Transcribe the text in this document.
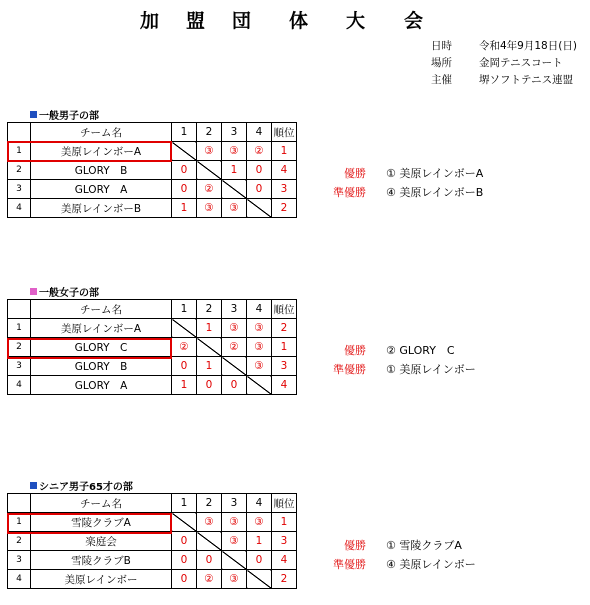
加 盟 団 体 大 会
日時	令和4年9月18日(日)
場所	金岡テニスコート
主催	堺ソフトテニス連盟
一般男子の部
	チーム名	1	2	3	4	順位
1	美原レインボーA		③	③	②	1
2	GLORY　B	0		1	0	4
3	GLORY　A	0	②		0	3
4	美原レインボーB	1	③	③		2
優勝 ① 美原レインボーA
準優勝 ④ 美原レインボーB
一般女子の部
	チーム名	1	2	3	4	順位
1	美原レインボーA		1	③	③	2
2	GLORY　C	②		②	③	1
3	GLORY　B	0	1		③	3
4	GLORY　A	1	0	0		4
優勝 ② GLORY　C
準優勝 ① 美原レインボー
シニア男子65才の部
	チーム名	1	2	3	4	順位
1	雪陵クラブA		③	③	③	1
2	楽庭会	0		③	1	3
3	雪陵クラブB	0	0		0	4
4	美原レインボー	0	②	③		2
優勝 ① 雪陵クラブA
準優勝 ④ 美原レインボー
